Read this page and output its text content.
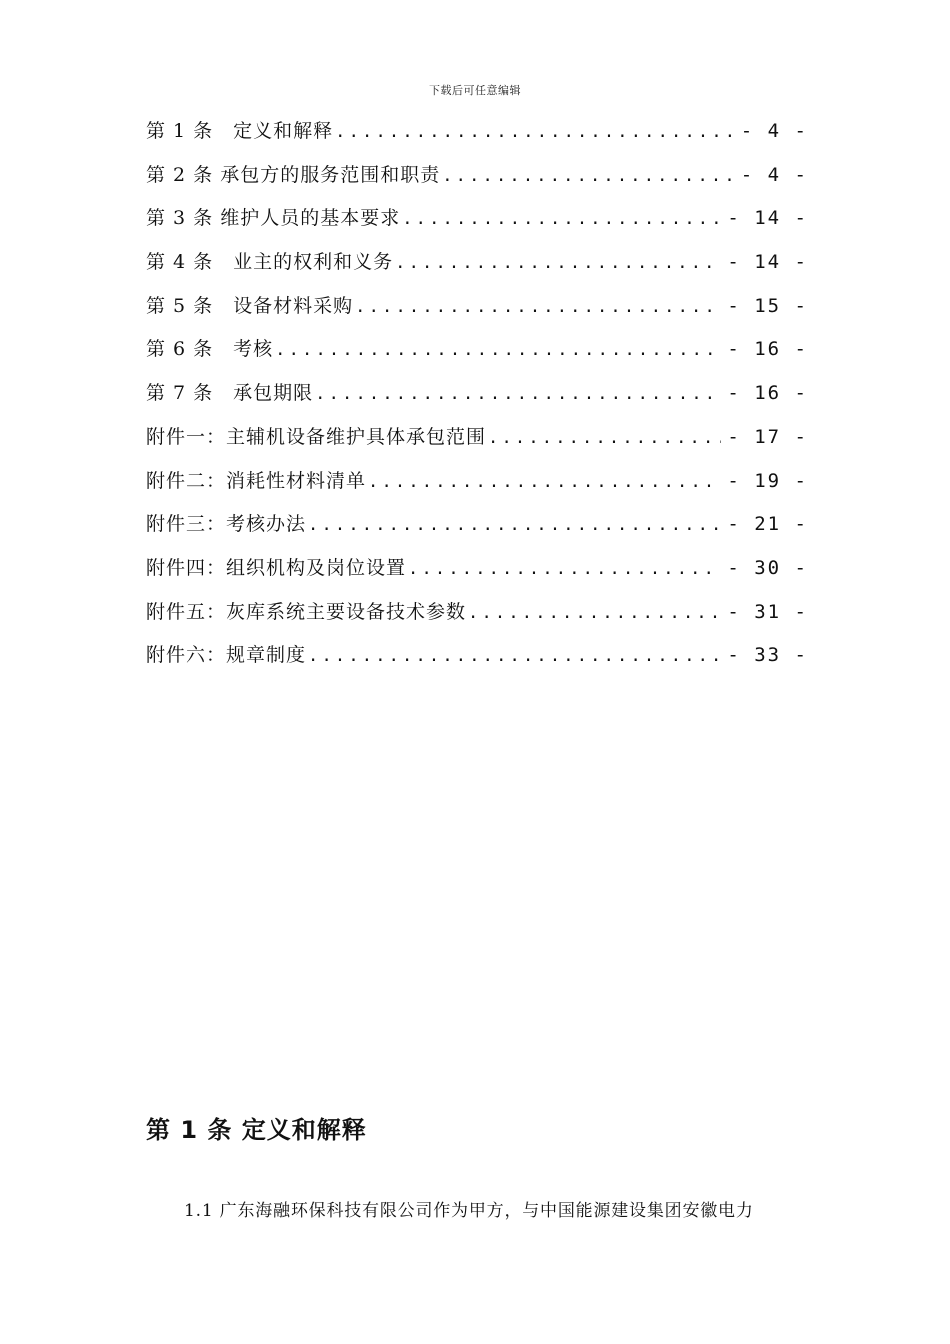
下载后可任意编辑
第 1 条　定义和解释 .....	- 4 -
第 2 条 承包方的服务范围和职责 .....	- 4 -
第 3 条 维护人员的基本要求 .....	- 14 -
第 4 条　业主的权利和义务 .....	- 14 -
第 5 条　设备材料采购 .....	- 15 -
第 6 条　考核 .....	- 16 -
第 7 条　承包期限 .....	- 16 -
附件一：主辅机设备维护具体承包范围 .....	- 17 -
附件二：消耗性材料清单 .....	- 19 -
附件三：考核办法 .....	- 21 -
附件四：组织机构及岗位设置 .....	- 30 -
附件五：灰库系统主要设备技术参数 .....	- 31 -
附件六：规章制度 .....	- 33 -
第 1 条 定义和解释
1.1 广东海融环保科技有限公司作为甲方，与中国能源建设集团安徽电力
